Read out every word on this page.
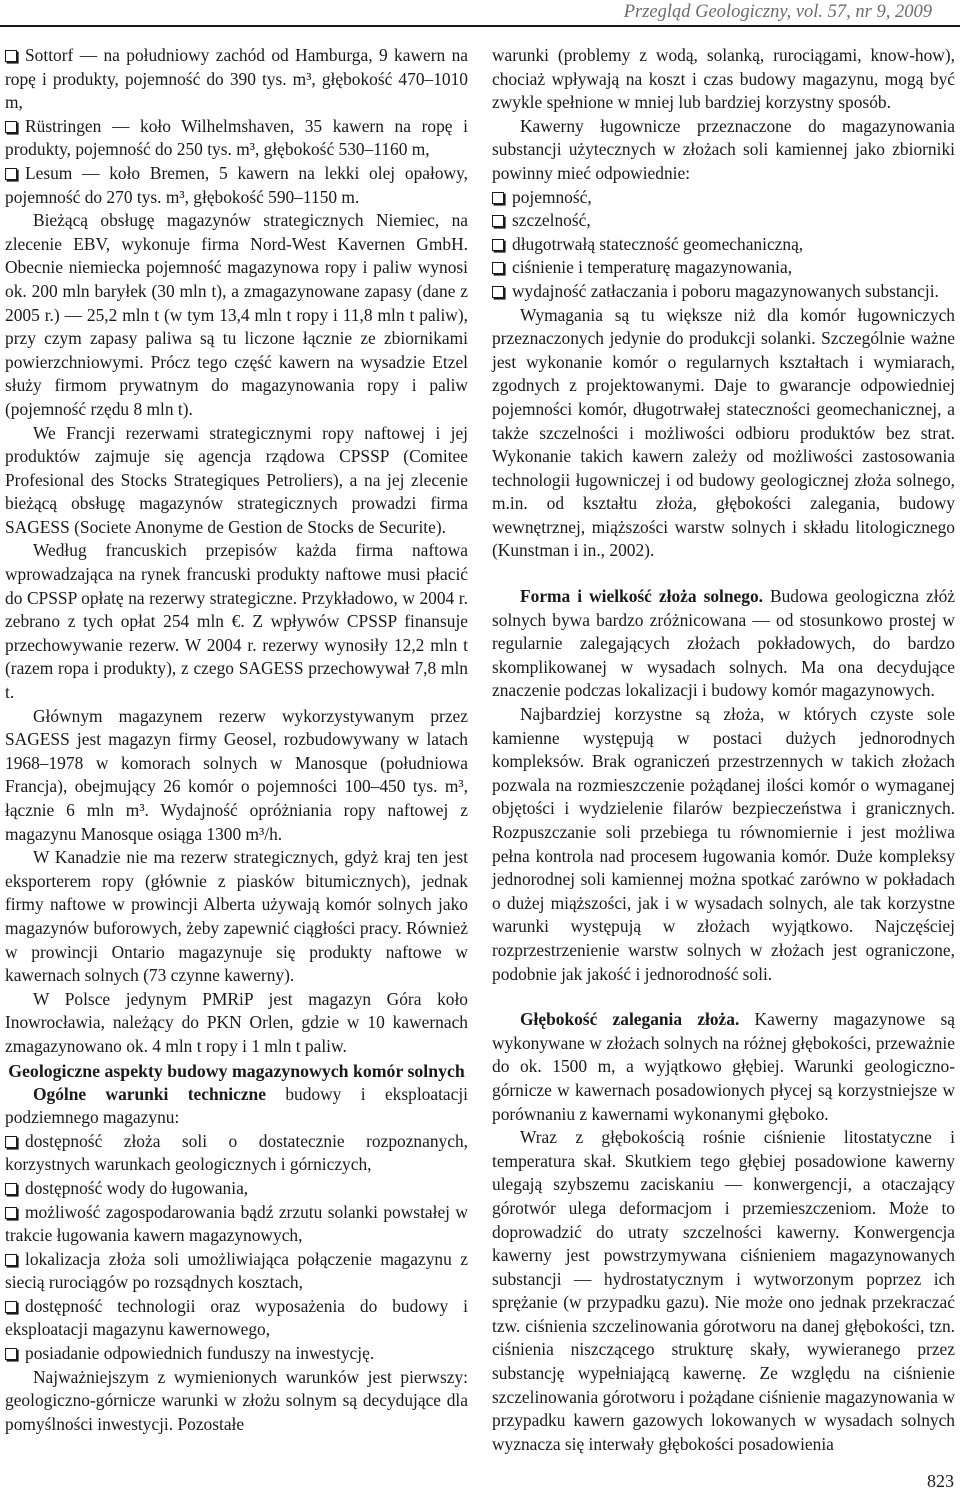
Przegląd Geologiczny, vol. 57, nr 9, 2009

Sottorf — na południowy zachód od Hamburga, 9 kawern na ropę i produkty, pojemność do 390 tys. m³, głębokość 470–1010 m,

Rüstringen — koło Wilhelmshaven, 35 kawern na ropę i produkty, pojemność do 250 tys. m³, głębokość 530–1160 m,

Lesum — koło Bremen, 5 kawern na lekki olej opałowy, pojemność do 270 tys. m³, głębokość 590–1150 m.

Bieżącą obsługę magazynów strategicznych Niemiec, na zlecenie EBV, wykonuje firma Nord-West Kavernen GmbH. Obecnie niemiecka pojemność magazynowa ropy i paliw wynosi ok. 200 mln baryłek (30 mln t), a zmagazynowane zapasy (dane z 2005 r.) — 25,2 mln t (w tym 13,4 mln t ropy i 11,8 mln t paliw), przy czym zapasy paliwa są tu liczone łącznie ze zbiornikami powierzchniowymi. Prócz tego część kawern na wysadzie Etzel służy firmom prywatnym do magazynowania ropy i paliw (pojemność rzędu 8 mln t).

We Francji rezerwami strategicznymi ropy naftowej i jej produktów zajmuje się agencja rządowa CPSSP (Comitee Profesional des Stocks Strategiques Petroliers), a na jej zlecenie bieżącą obsługę magazynów strategicznych prowadzi firma SAGESS (Societe Anonyme de Gestion de Stocks de Securite).

Według francuskich przepisów każda firma naftowa wprowadzająca na rynek francuski produkty naftowe musi płacić do CPSSP opłatę na rezerwy strategiczne. Przykładowo, w 2004 r. zebrano z tych opłat 254 mln €. Z wpływów CPSSP finansuje przechowywanie rezerw. W 2004 r. rezerwy wynosiły 12,2 mln t (razem ropa i produkty), z czego SAGESS przechowywał 7,8 mln t.

Głównym magazynem rezerw wykorzystywanym przez SAGESS jest magazyn firmy Geosel, rozbudowywany w latach 1968–1978 w komorach solnych w Manosque (południowa Francja), obejmujący 26 komór o pojemności 100–450 tys. m³, łącznie 6 mln m³. Wydajność opróżniania ropy naftowej z magazynu Manosque osiąga 1300 m³/h.

W Kanadzie nie ma rezerw strategicznych, gdyż kraj ten jest eksporterem ropy (głównie z piasków bitumicznych), jednak firmy naftowe w prowincji Alberta używają komór solnych jako magazynów buforowych, żeby zapewnić ciągłości pracy. Również w prowincji Ontario magazynuje się produkty naftowe w kawernach solnych (73 czynne kawerny).

W Polsce jedynym PMRiP jest magazyn Góra koło Inowrocławia, należący do PKN Orlen, gdzie w 10 kawernach zmagazynowano ok. 4 mln t ropy i 1 mln t paliw.

Geologiczne aspekty budowy magazynowych komór solnych

Ogólne warunki techniczne budowy i eksploatacji podziemnego magazynu:

dostępność złoża soli o dostatecznie rozpoznanych, korzystnych warunkach geologicznych i górniczych,

dostępność wody do ługowania,

możliwość zagospodarowania bądź zrzutu solanki powstałej w trakcie ługowania kawern magazynowych,

lokalizacja złoża soli umożliwiająca połączenie magazynu z siecią rurociągów po rozsądnych kosztach,

dostępność technologii oraz wyposażenia do budowy i eksploatacji magazynu kawernowego,

posiadanie odpowiednich funduszy na inwestycję.

Najważniejszym z wymienionych warunków jest pierwszy: geologiczno-górnicze warunki w złożu solnym są decydujące dla pomyślności inwestycji. Pozostałe

warunki (problemy z wodą, solanką, rurociągami, know-how), chociaż wpływają na koszt i czas budowy magazynu, mogą być zwykle spełnione w mniej lub bardziej korzystny sposób.

Kawerny ługownicze przeznaczone do magazynowania substancji użytecznych w złożach soli kamiennej jako zbiorniki powinny mieć odpowiednie:

pojemność,

szczelność,

długotrwałą stateczność geomechaniczną,

ciśnienie i temperaturę magazynowania,

wydajność zatłaczania i poboru magazynowanych substancji.

Wymagania są tu większe niż dla komór ługowniczych przeznaczonych jedynie do produkcji solanki. Szczególnie ważne jest wykonanie komór o regularnych kształtach i wymiarach, zgodnych z projektowanymi. Daje to gwarancje odpowiedniej pojemności komór, długotrwałej stateczności geomechanicznej, a także szczelności i możliwości odbioru produktów bez strat. Wykonanie takich kawern zależy od możliwości zastosowania technologii ługowniczej i od budowy geologicznej złoża solnego, m.in. od kształtu złoża, głębokości zalegania, budowy wewnętrznej, miąższości warstw solnych i składu litologicznego (Kunstman i in., 2002).

Forma i wielkość złoża solnego. Budowa geologiczna złóż solnych bywa bardzo zróżnicowana — od stosunkowo prostej w regularnie zalegających złożach pokładowych, do bardzo skomplikowanej w wysadach solnych. Ma ona decydujące znaczenie podczas lokalizacji i budowy komór magazynowych.

Najbardziej korzystne są złoża, w których czyste sole kamienne występują w postaci dużych jednorodnych kompleksów. Brak ograniczeń przestrzennych w takich złożach pozwala na rozmieszczenie pożądanej ilości komór o wymaganej objętości i wydzielenie filarów bezpieczeństwa i granicznych. Rozpuszczanie soli przebiega tu równomiernie i jest możliwa pełna kontrola nad procesem ługowania komór. Duże kompleksy jednorodnej soli kamiennej można spotkać zarówno w pokładach o dużej miąższości, jak i w wysadach solnych, ale tak korzystne warunki występują w złożach wyjątkowo. Najczęściej rozprzestrzenienie warstw solnych w złożach jest ograniczone, podobnie jak jakość i jednorodność soli.

Głębokość zalegania złoża. Kawerny magazynowe są wykonywane w złożach solnych na różnej głębokości, przeważnie do ok. 1500 m, a wyjątkowo głębiej. Warunki geologiczno-górnicze w kawernach posadowionych płycej są korzystniejsze w porównaniu z kawernami wykonanymi głęboko.

Wraz z głębokością rośnie ciśnienie litostatyczne i temperatura skał. Skutkiem tego głębiej posadowione kawerny ulegają szybszemu zaciskaniu — konwergencji, a otaczający górotwór ulega deformacjom i przemieszczeniom. Może to doprowadzić do utraty szczelności kawerny. Konwergencja kawerny jest powstrzymywana ciśnieniem magazynowanych substancji — hydrostatycznym i wytworzonym poprzez ich sprężanie (w przypadku gazu). Nie może ono jednak przekraczać tzw. ciśnienia szczelinowania górotworu na danej głębokości, tzn. ciśnienia niszczącego strukturę skały, wywieranego przez substancję wypełniającą kawernę. Ze względu na ciśnienie szczelinowania górotworu i pożądane ciśnienie magazynowania w przypadku kawern gazowych lokowanych w wysadach solnych wyznacza się interwały głębokości posadowienia

823
